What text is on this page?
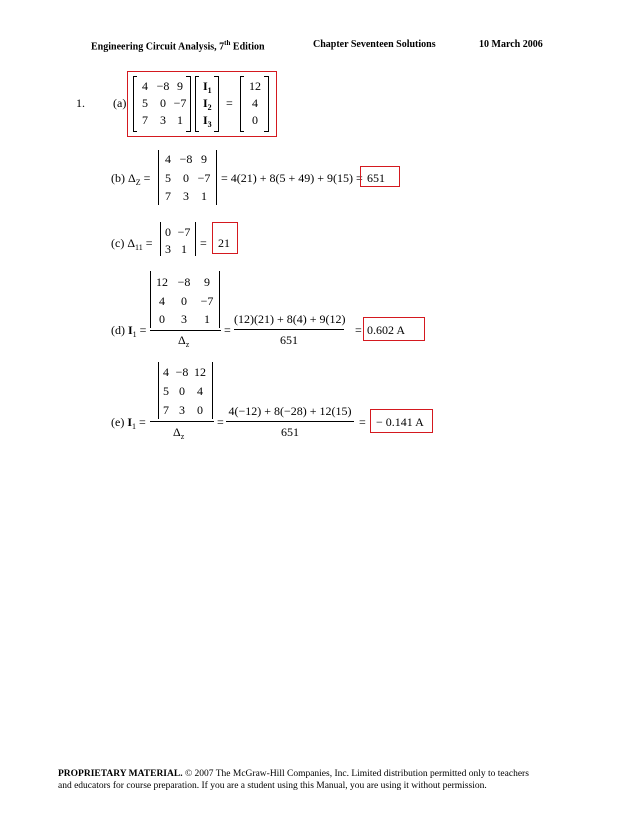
Engineering Circuit Analysis, 7th Edition	Chapter Seventeen Solutions	10 March 2006
1. (a)
4 −8 9
5	0 −7
7	3 1
$I_1$
$I_2$
$I_3$
=
12
4
0
(b) $\Delta_Z$ =
4 −8 9
5	0 −7
7	3	1
= 4(21) + 8(5 + 49) + 9(15) = 651
(c) $\Delta_{11}$ =
0 −7
3 1	= 21
(d) $I_1$ =
12 −8	9
4	0	−7
0	3	1
$\Delta_z$
=
(12)(21) + 8(4) + 9(12)
651
= 0.602 A
(e) $I_1$ =
4 −8 12
5 0	4
7 3	0
$\Delta_z$
=
4(−12) + 8(−28) + 12(15)
651
= − 0.141 A
PROPRIETARY MATERIAL. © 2007 The McGraw-Hill Companies, Inc. Limited distribution permitted only to teachers
and educators for course preparation. If you are a student using this Manual, you are using it without permission.
